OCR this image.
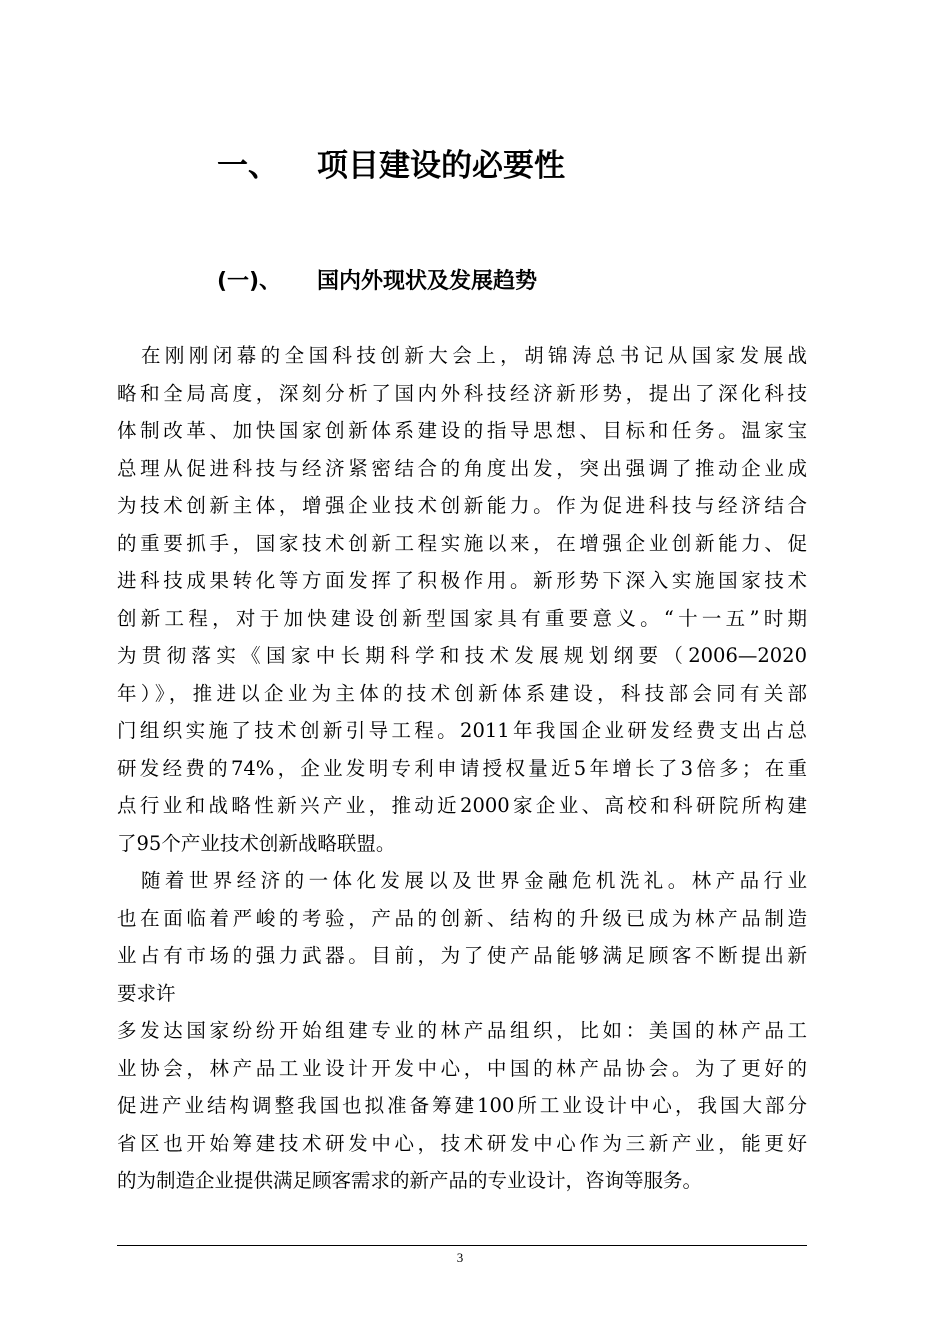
一、 项目建设的必要性
(一)、 国内外现状及发展趋势
　在刚刚闭幕的全国科技创新大会上，胡锦涛总书记从国家发展战
略和全局高度，深刻分析了国内外科技经济新形势，提出了深化科技
体制改革、加快国家创新体系建设的指导思想、目标和任务。温家宝
总理从促进科技与经济紧密结合的角度出发，突出强调了推动企业成
为技术创新主体，增强企业技术创新能力。作为促进科技与经济结合
的重要抓手，国家技术创新工程实施以来，在增强企业创新能力、促
进科技成果转化等方面发挥了积极作用。新形势下深入实施国家技术
创新工程，对于加快建设创新型国家具有重要意义。“十一五”时期
为贯彻落实《国家中长期科学和技术发展规划纲要（2006—2020
年）》，推进以企业为主体的技术创新体系建设，科技部会同有关部
门组织实施了技术创新引导工程。2011年我国企业研发经费支出占总
研发经费的74%，企业发明专利申请授权量近5年增长了3倍多；在重
点行业和战略性新兴产业，推动近2000家企业、高校和科研院所构建
了95个产业技术创新战略联盟。
　随着世界经济的一体化发展以及世界金融危机洗礼。林产品行业
也在面临着严峻的考验，产品的创新、结构的升级已成为林产品制造
业占有市场的强力武器。目前，为了使产品能够满足顾客不断提出新
要求许
多发达国家纷纷开始组建专业的林产品组织，比如：美国的林产品工
业协会，林产品工业设计开发中心，中国的林产品协会。为了更好的
促进产业结构调整我国也拟准备筹建100所工业设计中心，我国大部分
省区也开始筹建技术研发中心，技术研发中心作为三新产业，能更好
的为制造企业提供满足顾客需求的新产品的专业设计，咨询等服务。
3
